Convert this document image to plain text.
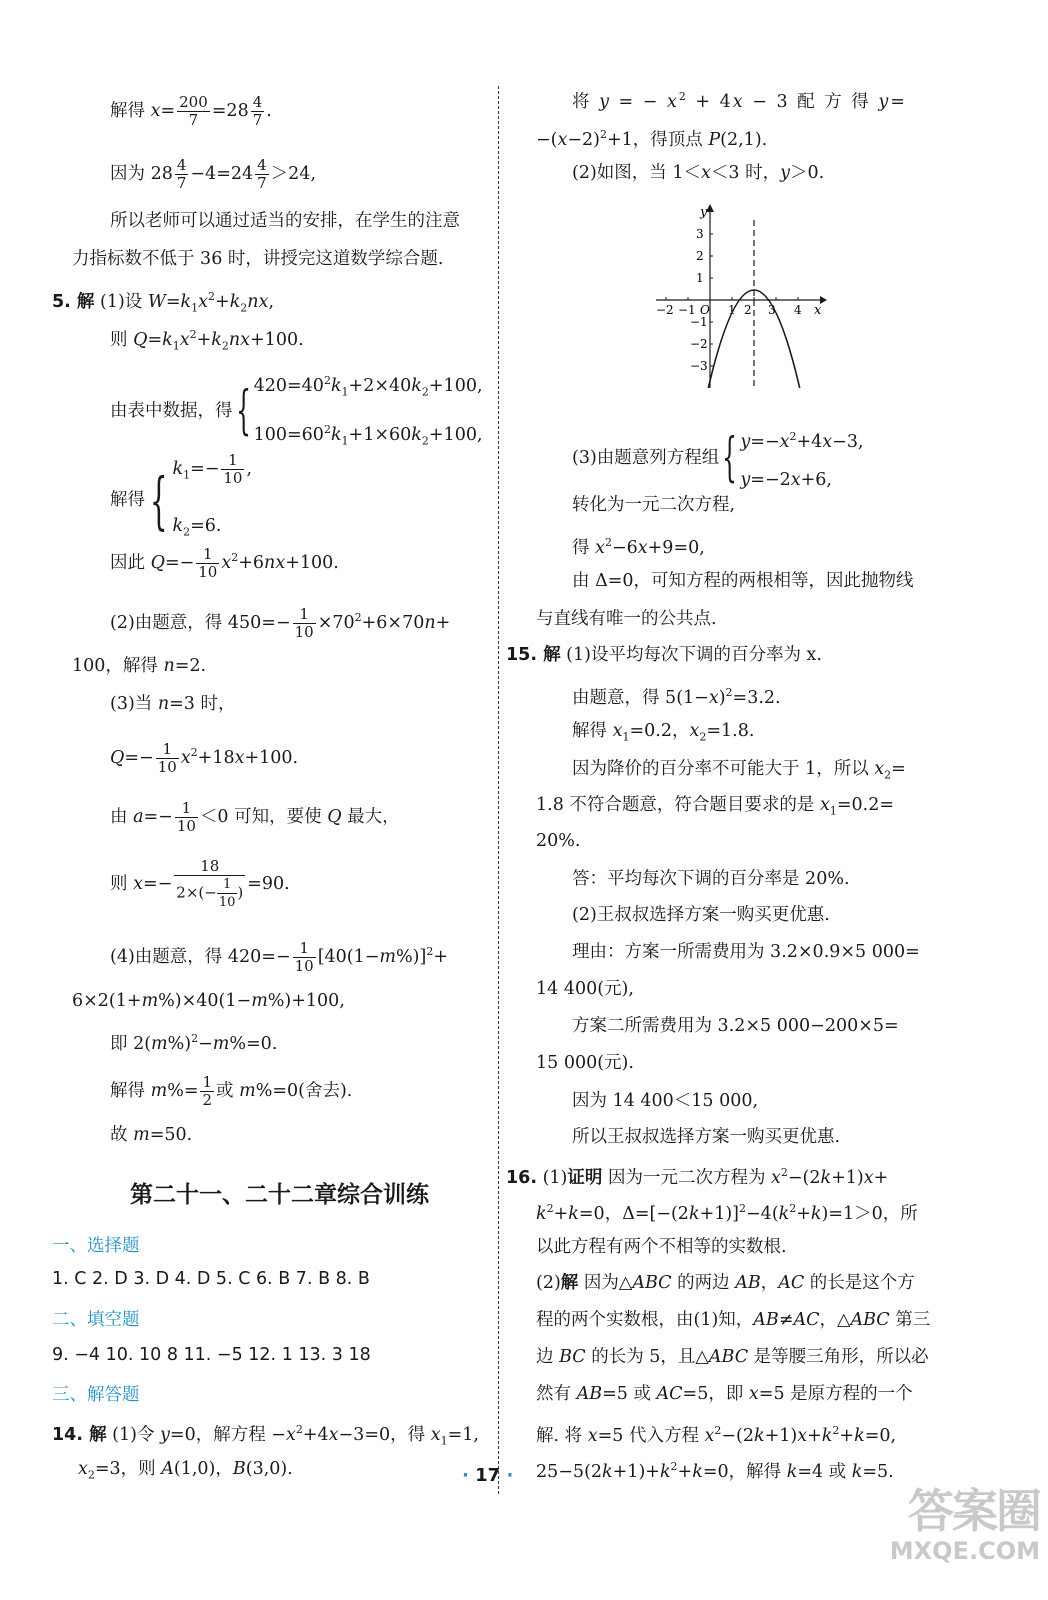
解得 $x= \frac{200}{7} =28 \frac{4}{7}$ .
因为 $28 \frac{4}{7} -4=24 \frac{4}{7} >24$,
所以老师可以通过适当的安排，在学生的注意
力指标数不低于 36 时，讲授完这道数学综合题.
5. 解 (1)设 $W=k_1x^2+k_2nx$,
则 $Q=k_1x^2+k_2nx+100$.
由表中数据，得{ $420=40^2k_1+2\times 40k_2+100$,
$100=60^2k_1+1\times 60k_2+100$,
解得{ $k_1=- \frac{1}{10}$ ,
$k_2=6$.
因此 $Q=- \frac{1}{10} x^2+6nx+100$.
(2)由题意，得 $450=- \frac{1}{10} \times 70^2+6\times 70n+$
100，解得 n=2.
(3)当 n=3 时，
$Q=- \frac{1}{10} x^2+18x+100$.
由 $a=- \frac{1}{10} <0$ 可知，要使 Q 最大，
则 $x=- \frac{18}{2\times(- \frac{1}{10} )} =90$.
(4)由题意，得 $420=- \frac{1}{10} [40(1-m\%)]^2+$
6×2(1+m%)×40(1−m%)+100,
即 $2(m\%)^2-m\%=0$.
解得 $m\%= \frac{1}{2}$ 或 m%=0(舍去).
故 m=50.
第二十一、二十二章综合训练
一、选择题
1. C 2. D 3. D 4. D 5. C 6. B 7. B 8. B
二、填空题
9. −4 10. 10 8 11. −5 12. 1 13. 3 18
三、解答题
14. 解 (1)令 y=0，解方程 $-x^2+4x-3=0$，得 $x_1=1$,
$x_2=3$，则 A(1,0)，B(3,0).
将 y = − $x^2 + 4x - 3$ 配 方 得 y=
$-(x-2)^2+1$，得顶点 P(2,1).
(2)如图，当 1＜x＜3 时，y＞0.
x
y
−2 −1 O 1 2 3 4
3
2
1
−1
−2
−3
(3)由题意列方程组{ $y=-x^2+4x-3$,
y=−2x+6,
转化为一元二次方程,
得 $x^2-6x+9=0$,
由 Δ=0，可知方程的两根相等，因此抛物线
与直线有唯一的公共点.
15. 解 (1)设平均每次下调的百分率为 x.
由题意，得 $5(1-x)^2=3.2$.
解得 $x_1=0.2$，$x_2=1.8$.
因为降价的百分率不可能大于 1，所以 $x_2=$
1.8 不符合题意，符合题目要求的是 $x_1=0.2=$
20%.
答：平均每次下调的百分率是 20%.
(2)王叔叔选择方案一购买更优惠.
理由：方案一所需费用为 3.2×0.9×5 000=
14 400(元),
方案二所需费用为 3.2×5 000−200×5=
15 000(元).
因为 14 400＜15 000,
所以王叔叔选择方案一购买更优惠.
16. (1)证明 因为一元二次方程为 $x^2-(2k+1)x+$
$k^2+k=0$，$\Delta=[-(2k+1)]^2-4(k^2+k)=1>0$，所
以此方程有两个不相等的实数根.
(2)解 因为△ABC 的两边 AB，AC 的长是这个方
程的两个实数根，由(1)知，AB≠AC，△ABC 第三
边 BC 的长为 5，且△ABC 是等腰三角形，所以必
然有 AB=5 或 AC=5，即 x=5 是原方程的一个
解. 将 x=5 代入方程 $x^2-(2k+1)x+k^2+k=0$,
$25-5(2k+1)+k^2+k=0$，解得 k=4 或 k=5.
· 17 ·
答案圈
MXQE.COM
